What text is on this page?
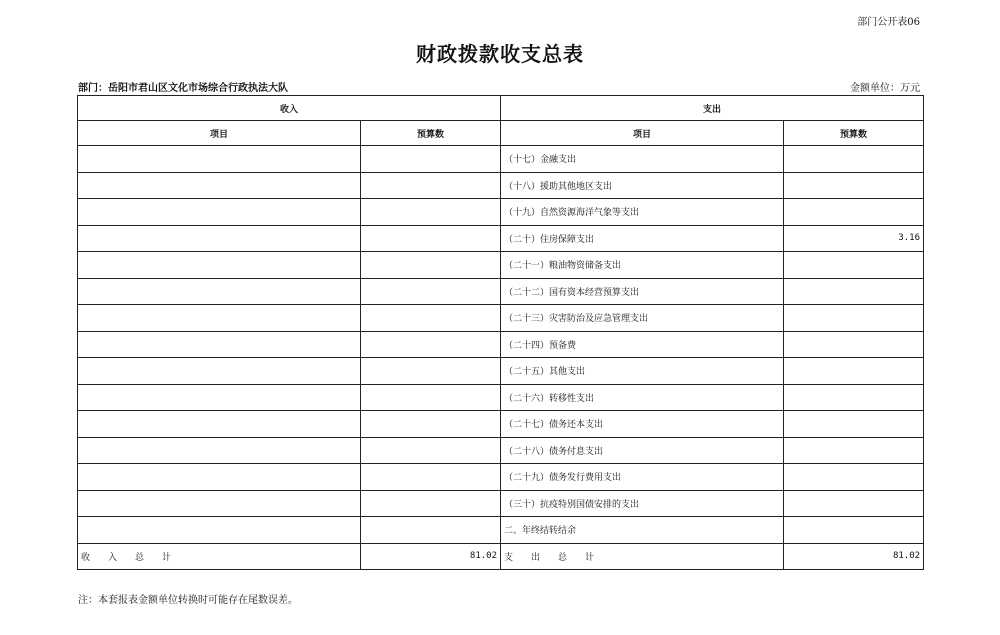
部门公开表06
财政拨款收支总表
部门：岳阳市君山区文化市场综合行政执法大队	金额单位：万元
收入		支出	
项目	预算数	项目	预算数
		（十七）金融支出	
		（十八）援助其他地区支出	
		（十九）自然资源海洋气象等支出	
		（二十）住房保障支出	3.16
		（二十一）粮油物资储备支出	
		（二十二）国有资本经营预算支出	
		（二十三）灾害防治及应急管理支出	
		（二十四）预备费	
		（二十五）其他支出	
		（二十六）转移性支出	
		（二十七）债务还本支出	
		（二十八）债务付息支出	
		（二十九）债务发行费用支出	
		（三十）抗疫特别国债安排的支出	
		二、年终结转结余	
收　　入　　总　　计	81.02	支　　出　　总　　计	81.02
注：本套报表金额单位转换时可能存在尾数误差。
